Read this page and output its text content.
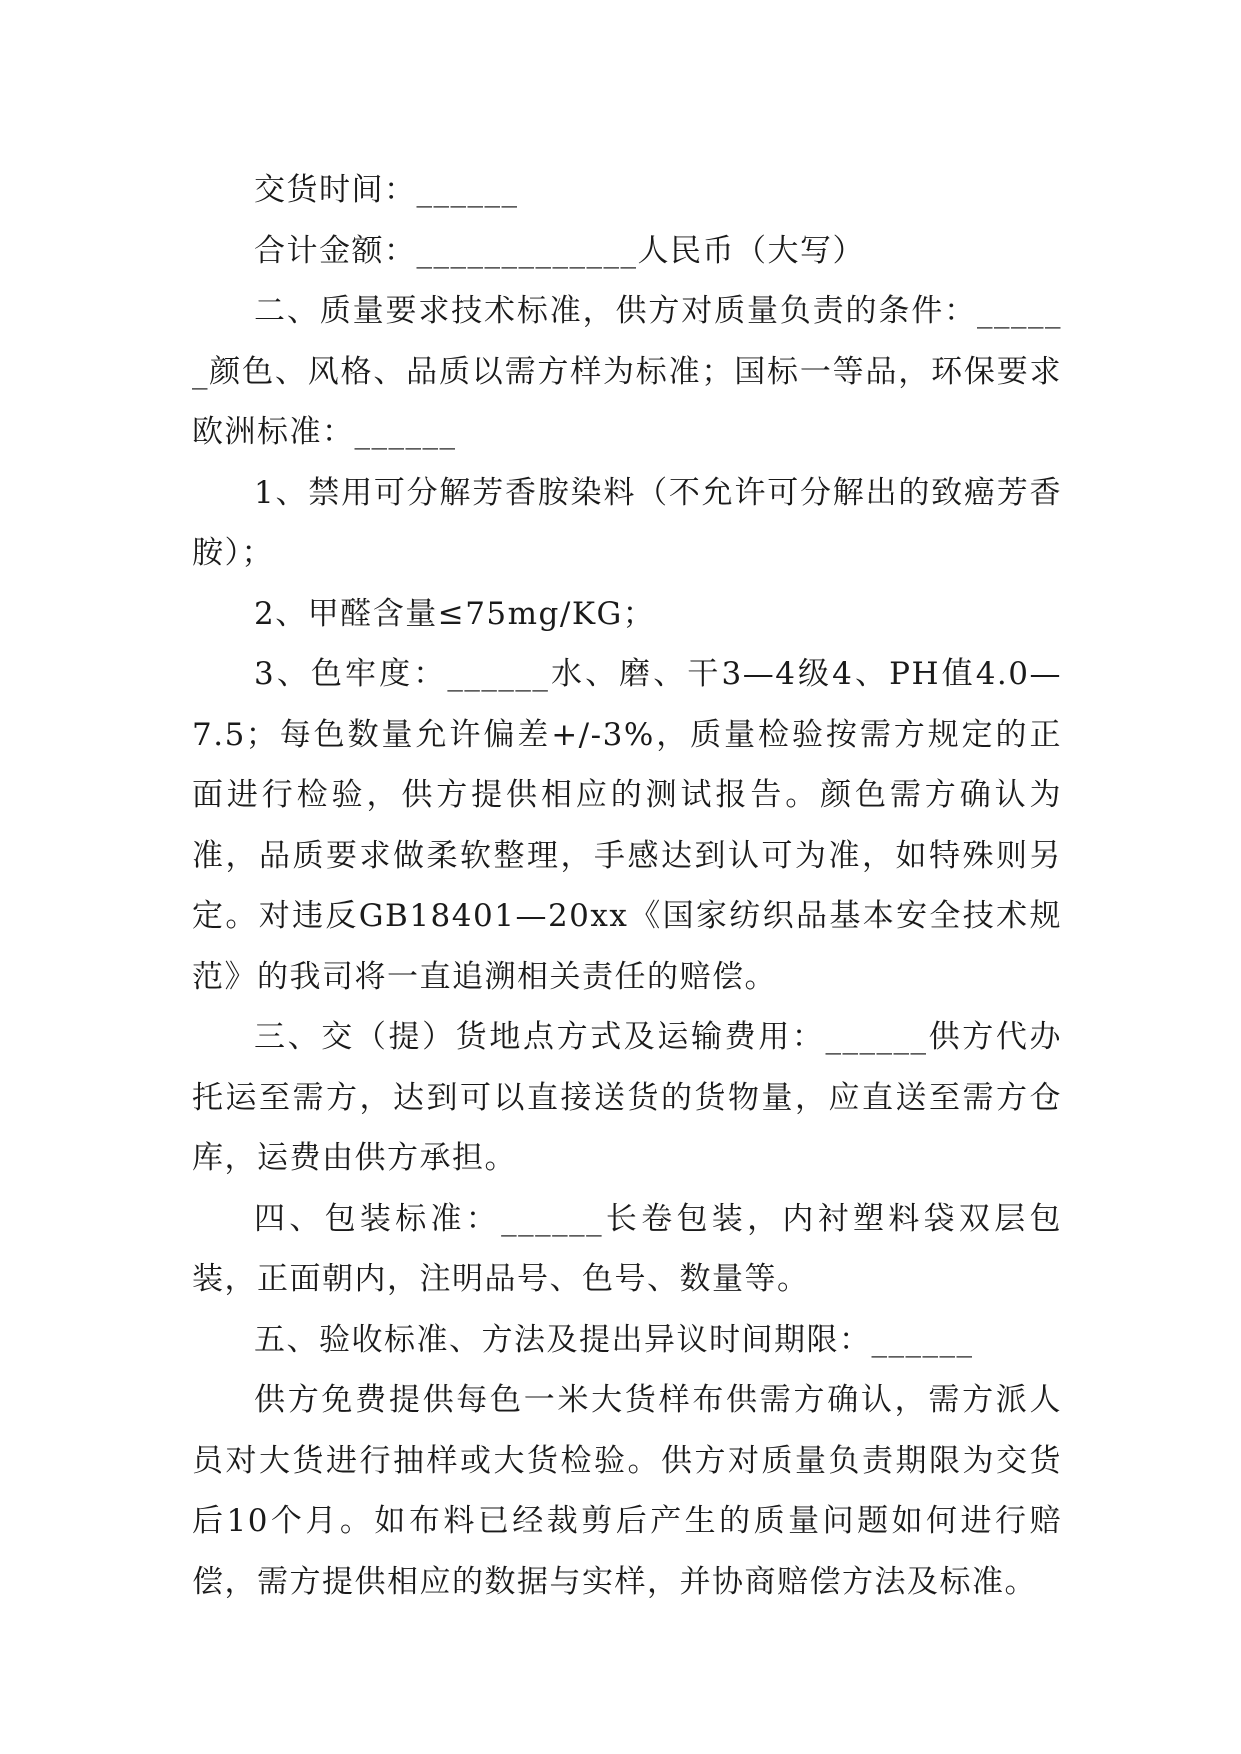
交货时间：______

合计金额：_____________人民币（大写）

二、质量要求技术标准，供方对质量负责的条件：______颜色、风格、品质以需方样为标准；国标一等品，环保要求欧洲标准：______

1、禁用可分解芳香胺染料（不允许可分解出的致癌芳香胺）；

2、甲醛含量≤75mg/KG；

3、色牢度：______水、磨、干3—4级4、PH值4.0—7.5；每色数量允许偏差+/-3%，质量检验按需方规定的正面进行检验，供方提供相应的测试报告。颜色需方确认为准，品质要求做柔软整理，手感达到认可为准，如特殊则另定。对违反GB18401—20xx《国家纺织品基本安全技术规范》的我司将一直追溯相关责任的赔偿。

三、交（提）货地点方式及运输费用：______供方代办托运至需方，达到可以直接送货的货物量，应直送至需方仓库，运费由供方承担。

四、包装标准：______长卷包装，内衬塑料袋双层包装，正面朝内，注明品号、色号、数量等。

五、验收标准、方法及提出异议时间期限：______

供方免费提供每色一米大货样布供需方确认，需方派人员对大货进行抽样或大货检验。供方对质量负责期限为交货后10个月。如布料已经裁剪后产生的质量问题如何进行赔偿，需方提供相应的数据与实样，并协商赔偿方法及标准。
